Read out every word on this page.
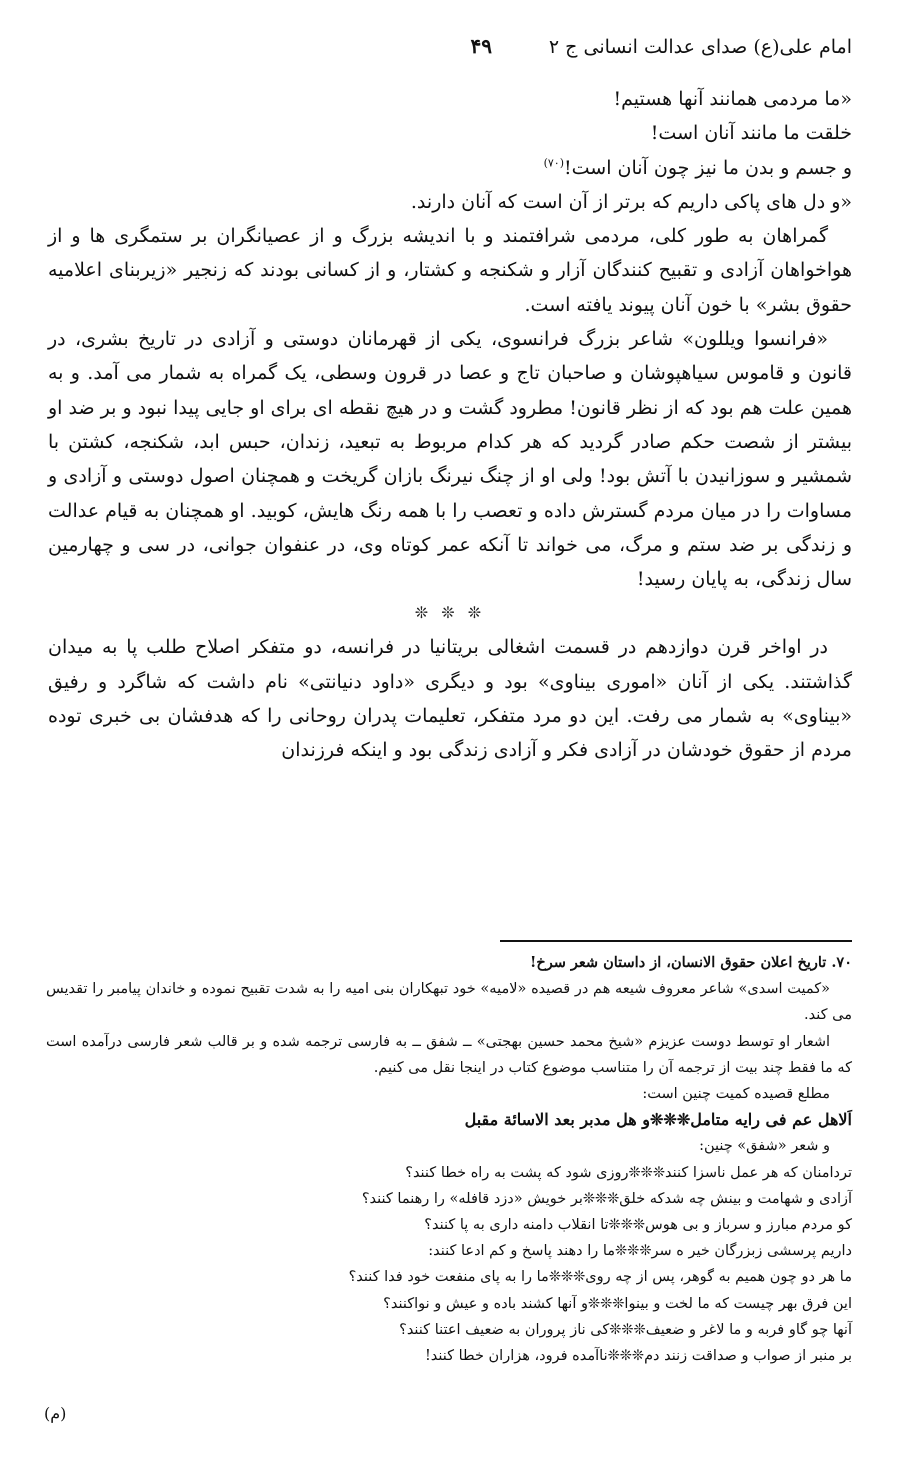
امام علی(ع) صدای عدالت انسانی ج ۲
۴۹

«ما مردمی همانند آنها هستیم!

خلقت ما مانند آنان است!

و جسم و بدن ما نیز چون آنان است!$^{(۷۰)}$

«و دل های پاکی داریم که برتر از آن است که آنان دارند.

گمراهان به طور کلی، مردمی شرافتمند و با اندیشه بزرگ و از عصیانگران بر ستمگری ها و از هواخواهان آزادی و تقبیح کنندگان آزار و شکنجه و کشتار، و از کسانی بودند که زنجیر «زیربنای اعلامیه حقوق بشر» با خون آنان پیوند یافته است.

«فرانسوا ویللون» شاعر بزرگ فرانسوی، یکی از قهرمانان دوستی و آزادی در تاریخ بشری، در قانون و قاموس سیاهپوشان و صاحبان تاج و عصا در قرون وسطی، یک گمراه به شمار می آمد. و به همین علت هم بود که از نظر قانون! مطرود گشت و در هیچ نقطه ای برای او جایی پیدا نبود و بر ضد او بیشتر از شصت حکم صادر گردید که هر کدام مربوط به تبعید، زندان، حبس ابد، شکنجه، کشتن با شمشیر و سوزانیدن با آتش بود! ولی او از چنگ نیرنگ بازان گریخت و همچنان اصول دوستی و آزادی و مساوات را در میان مردم گسترش داده و تعصب را با همه رنگ هایش، کوبید. او همچنان به قیام عدالت و زندگی بر ضد ستم و مرگ، می خواند تا آنکه عمر کوتاه وی، در عنفوان جوانی، در سی و چهارمین سال زندگی، به پایان رسید!

❊ ❊ ❊

در اواخر قرن دوازدهم در قسمت اشغالی بریتانیا در فرانسه، دو متفکر اصلاح طلب پا به میدان گذاشتند. یکی از آنان «اموری بیناوی» بود و دیگری «داود دنیانتی» نام داشت که شاگرد و رفیق «بیناوی» به شمار می رفت. این دو مرد متفکر، تعلیمات پدران روحانی را که هدفشان بی خبری توده مردم از حقوق خودشان در آزادی فکر و آزادی زندگی بود و اینکه فرزندان

۷۰. تاریخ اعلان حقوق الانسان، از داستان شعر سرخ!

«کمیت اسدی» شاعر معروف شیعه هم در قصیده «لامیه» خود تبهکاران بنی امیه را به شدت تقبیح نموده و خاندان پیامبر را تقدیس می کند.

اشعار او توسط دوست عزیزم «شیخ محمد حسین بهجتی» ــ شفق ــ به فارسی ترجمه شده و بر قالب شعر فارسی درآمده است که ما فقط چند بیت از ترجمه آن را متناسب موضوع کتاب در اینجا نقل می کنیم.

مطلع قصیده کمیت چنین است:

اَلاهل عم فی رایه متامل❊❊❊و هل مدبر بعد الاسائة مقبل

و شعر «شفق» چنین:

تردامنان که هر عمل ناسزا کنند❊❊❊روزی شود که پشت به راه خطا کنند؟

آزادی و شهامت و بینش چه شدکه خلق❊❊❊بر خویش «دزد قافله» را رهنما کنند؟

کو مردم مبارز و سرباز و بی هوس❊❊❊تا انقلاب دامنه داری به پا کنند؟

داریم پرسشی زبزرگان خیر ه سر❊❊❊ما را دهند پاسخ و کم ادعا کنند:

ما هر دو چون هميم به گوهر، پس از چه روی❊❊❊ما را به پای منفعت خود فدا کنند؟

این فرق بهر چیست که ما لخت و بینوا❊❊❊و آنها کشند باده و عیش و نواکنند؟

آنها چو گاو فربه و ما لاغر و ضعیف❊❊❊کی ناز پروران به ضعیف اعتنا کنند؟

بر منبر از صواب و صداقت زنند دم❊❊❊ناآمده فرود، هزاران خطا کنند!

(م)
